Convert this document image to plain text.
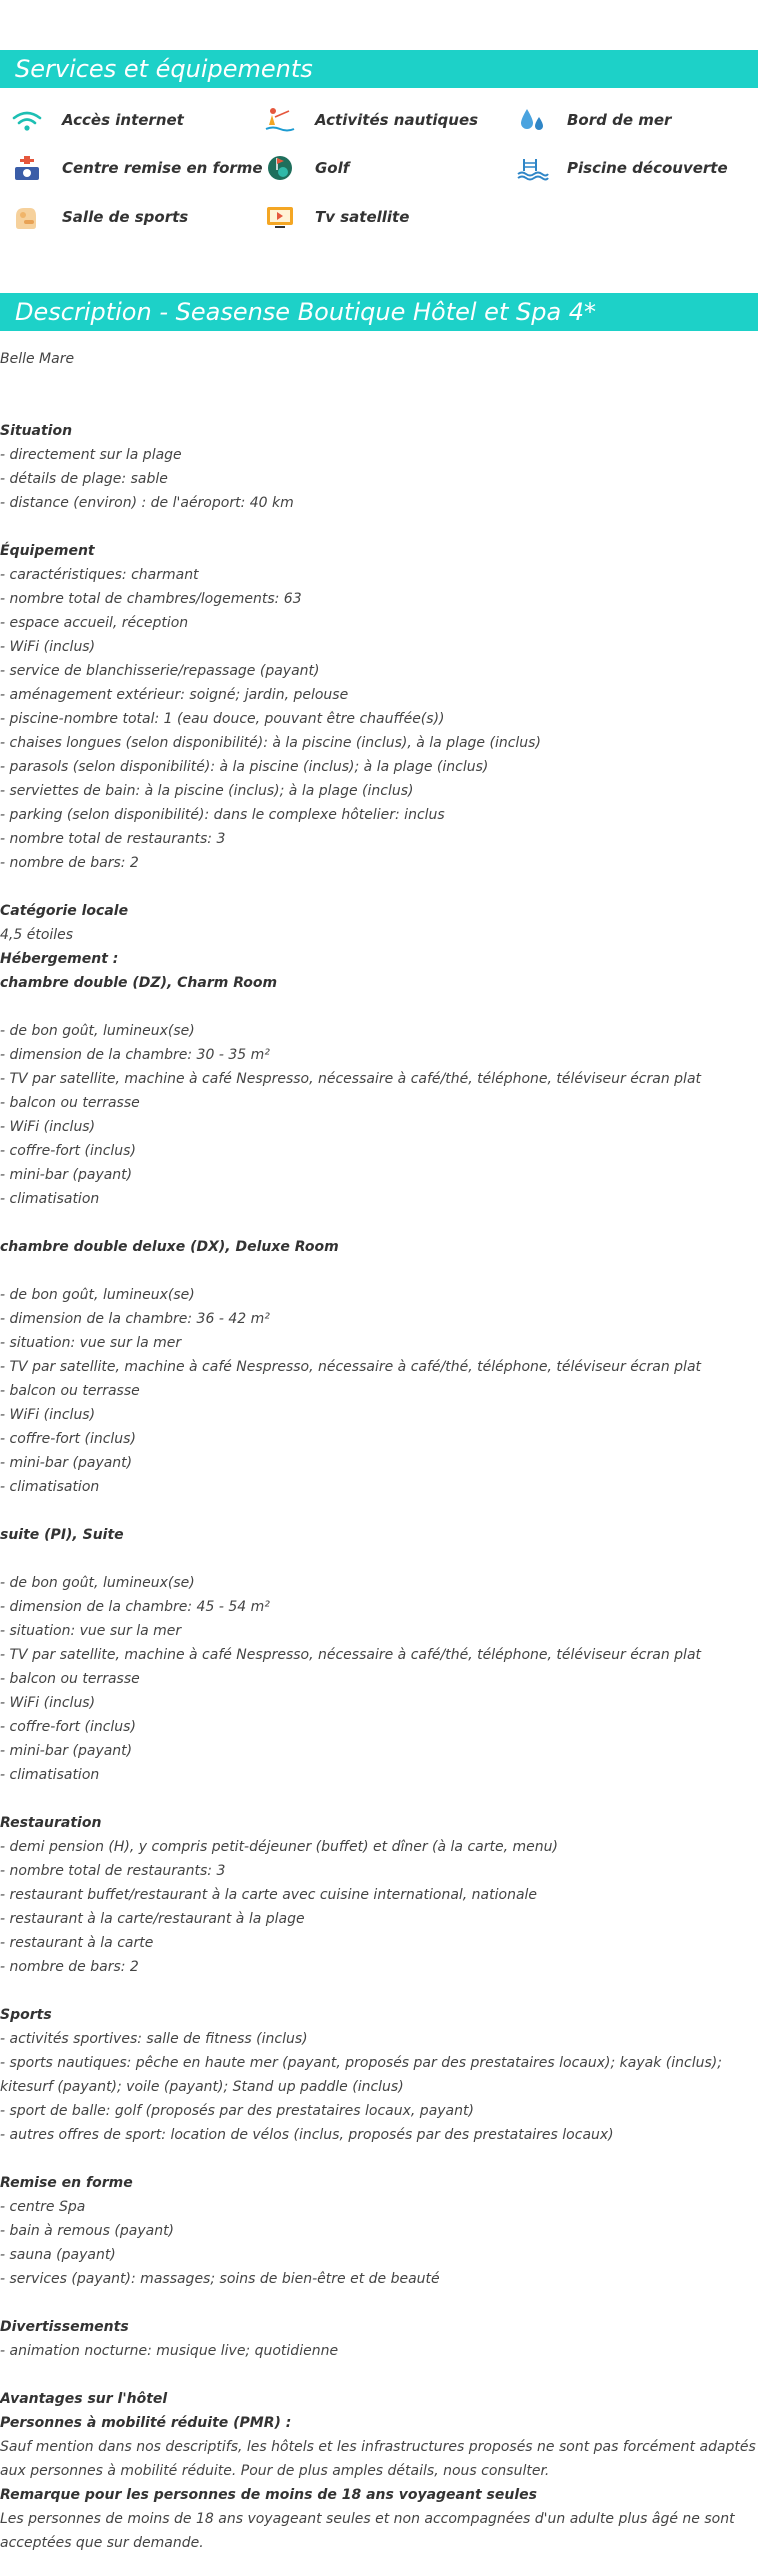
Services et équipements
Accès internet	Activités nautiques	Bord de mer
Centre remise en forme	Golf	Piscine découverte
Salle de sports	Tv satellite
Description - Seasense Boutique Hôtel et Spa 4*
Belle Mare
Situation
- directement sur la plage
- détails de plage: sable
- distance (environ) : de l'aéroport: 40 km
Équipement
- caractéristiques: charmant
- nombre total de chambres/logements: 63
- espace accueil, réception
- WiFi (inclus)
- service de blanchisserie/repassage (payant)
- aménagement extérieur: soigné; jardin, pelouse
- piscine-nombre total: 1 (eau douce, pouvant être chauffée(s))
- chaises longues (selon disponibilité): à la piscine (inclus), à la plage (inclus)
- parasols (selon disponibilité): à la piscine (inclus); à la plage (inclus)
- serviettes de bain: à la piscine (inclus); à la plage (inclus)
- parking (selon disponibilité): dans le complexe hôtelier: inclus
- nombre total de restaurants: 3
- nombre de bars: 2
Catégorie locale
4,5 étoiles
Hébergement :
chambre double (DZ), Charm Room
- de bon goût, lumineux(se)
- dimension de la chambre: 30 - 35 m²
- TV par satellite, machine à café Nespresso, nécessaire à café/thé, téléphone, téléviseur écran plat
- balcon ou terrasse
- WiFi (inclus)
- coffre-fort (inclus)
- mini-bar (payant)
- climatisation
chambre double deluxe (DX), Deluxe Room
- de bon goût, lumineux(se)
- dimension de la chambre: 36 - 42 m²
- situation: vue sur la mer
- TV par satellite, machine à café Nespresso, nécessaire à café/thé, téléphone, téléviseur écran plat
- balcon ou terrasse
- WiFi (inclus)
- coffre-fort (inclus)
- mini-bar (payant)
- climatisation
suite (PI), Suite
- de bon goût, lumineux(se)
- dimension de la chambre: 45 - 54 m²
- situation: vue sur la mer
- TV par satellite, machine à café Nespresso, nécessaire à café/thé, téléphone, téléviseur écran plat
- balcon ou terrasse
- WiFi (inclus)
- coffre-fort (inclus)
- mini-bar (payant)
- climatisation
Restauration
- demi pension (H), y compris petit-déjeuner (buffet) et dîner (à la carte, menu)
- nombre total de restaurants: 3
- restaurant buffet/restaurant à la carte avec cuisine international, nationale
- restaurant à la carte/restaurant à la plage
- restaurant à la carte
- nombre de bars: 2
Sports
- activités sportives: salle de fitness (inclus)
- sports nautiques: pêche en haute mer (payant, proposés par des prestataires locaux); kayak (inclus); kitesurf (payant); voile (payant); Stand up paddle (inclus)
- sport de balle: golf (proposés par des prestataires locaux, payant)
- autres offres de sport: location de vélos (inclus, proposés par des prestataires locaux)
Remise en forme
- centre Spa
- bain à remous (payant)
- sauna (payant)
- services (payant): massages; soins de bien-être et de beauté
Divertissements
- animation nocturne: musique live; quotidienne
Avantages sur l'hôtel
Personnes à mobilité réduite (PMR) :
Sauf mention dans nos descriptifs, les hôtels et les infrastructures proposés ne sont pas forcément adaptés aux personnes à mobilité réduite. Pour de plus amples détails, nous consulter.
Remarque pour les personnes de moins de 18 ans voyageant seules
Les personnes de moins de 18 ans voyageant seules et non accompagnées d'un adulte plus âgé ne sont acceptées que sur demande.
